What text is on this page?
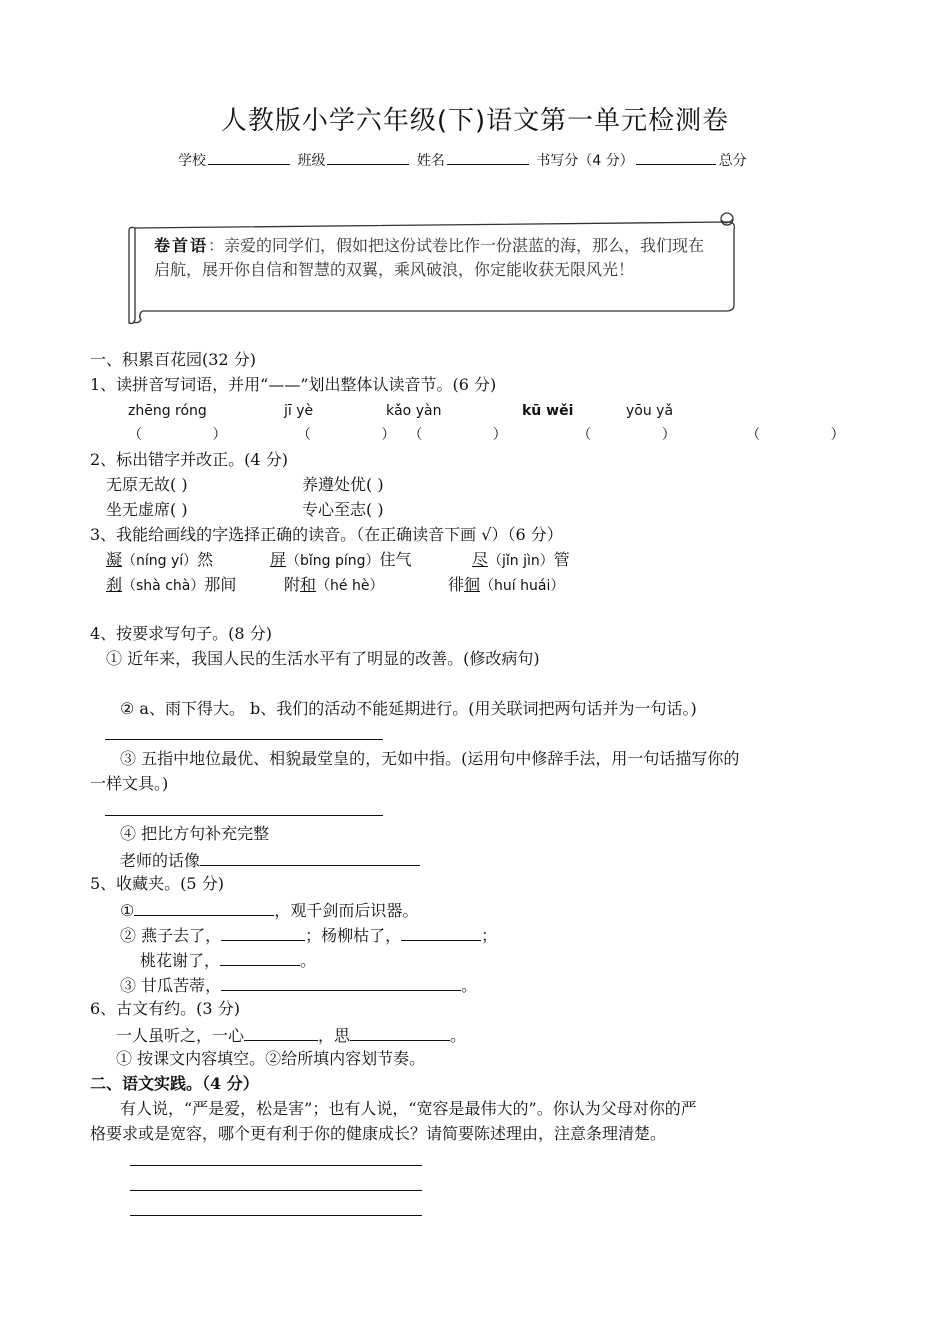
人教版小学六年级(下)语文第一单元检测卷
学校	班级	姓名	书写分（4 分）	总分
卷首语：亲爱的同学们，假如把这份试卷比作一份湛蓝的海，那么，我们现在启航，展开你自信和智慧的双翼，乘风破浪，你定能收获无限风光！
一、积累百花园(32 分)
1、读拼音写词语，并用“——”划出整体认读音节。(6 分)
zhēng róng	jī yè	kǎo yàn	kū wěi	yōu yǎ
（ ） （ ）（ ） （ ） （ ）
2、标出错字并改正。(4 分)
无原无故( )	养遵处优( )
坐无虚席( )	专心至志( )
3、我能给画线的字选择正确的读音。（在正确读音下画 √）（6 分）
凝（níng yí）然	屏（bǐng píng）住气	尽（jǐn jìn）管
刹（shà chà）那间	附和（hé hè）	徘徊（huí huái）
4、按要求写句子。(8 分)
① 近年来，我国人民的生活水平有了明显的改善。(修改病句)
② a、雨下得大。 b、我们的活动不能延期进行。(用关联词把两句话并为一句话。)
③ 五指中地位最优、相貌最堂皇的，无如中指。(运用句中修辞手法，用一句话描写你的
一样文具。)
④ 把比方句补充完整
老师的话像
5、收藏夹。(5 分)
①	，观千剑而后识器。
② 燕子去了，	；杨柳枯了，	；
桃花谢了，	。
③ 甘瓜苦蒂，	。
6、古文有约。(3 分)
一人虽听之，一心	，思	。
① 按课文内容填空。②给所填内容划节奏。
二、语文实践。（4 分）
有人说，“严是爱，松是害”；也有人说，“宽容是最伟大的”。你认为父母对你的严
格要求或是宽容，哪个更有利于你的健康成长？请简要陈述理由，注意条理清楚。
